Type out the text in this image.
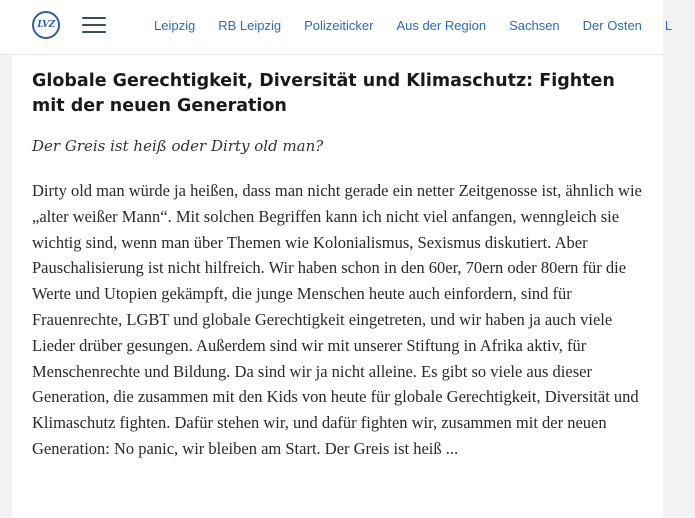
LVZ	Leipzig RB Leipzig Polizeiticker Aus der Region Sachsen Der Osten L
Globale Gerechtigkeit, Diversität und Klimaschutz: Fighten mit der neuen Generation

Der Greis ist heiß oder Dirty old man?

Dirty old man würde ja heißen, dass man nicht gerade ein netter Zeitgenosse ist, ähnlich wie „alter weißer Mann“. Mit solchen Begriffen kann ich nicht viel anfangen, wenngleich sie wichtig sind, wenn man über Themen wie Kolonialismus, Sexismus diskutiert. Aber Pauschalisierung ist nicht hilfreich. Wir haben schon in den 60er, 70ern oder 80ern für die Werte und Utopien gekämpft, die junge Menschen heute auch einfordern, sind für Frauenrechte, LGBT und globale Gerechtigkeit eingetreten, und wir haben ja auch viele Lieder drüber gesungen. Außerdem sind wir mit unserer Stiftung in Afrika aktiv, für Menschenrechte und Bildung. Da sind wir ja nicht alleine. Es gibt so viele aus dieser Generation, die zusammen mit den Kids von heute für globale Gerechtigkeit, Diversität und Klimaschutz fighten. Dafür stehen wir, und dafür fighten wir, zusammen mit der neuen Generation: No panic, wir bleiben am Start. Der Greis ist heiß ...
